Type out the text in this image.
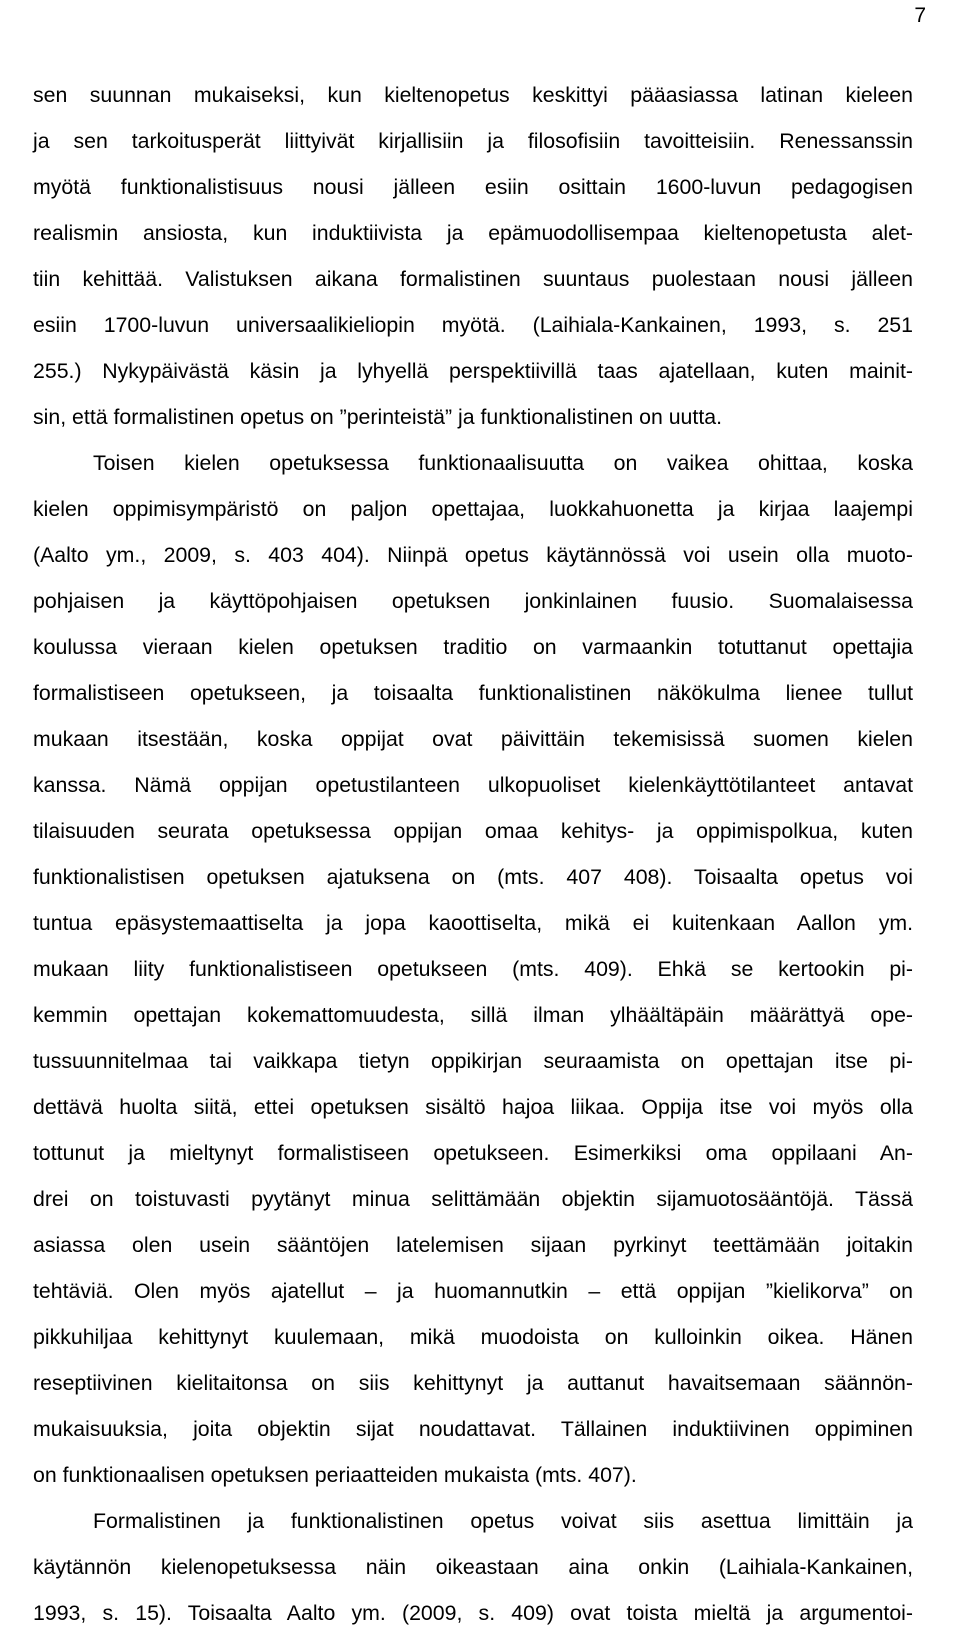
7
sen suunnan mukaiseksi, kun kieltenopetus keskittyi pääasiassa latinan kieleen
ja sen tarkoitusperät liittyivät kirjallisiin ja filosofisiin tavoitteisiin. Renessanssin
myötä funktionalistisuus nousi jälleen esiin osittain 1600-luvun pedagogisen
realismin ansiosta, kun induktiivista ja epämuodollisempaa kieltenopetusta alet-
tiin kehittää. Valistuksen aikana formalistinen suuntaus puolestaan nousi jälleen
esiin 1700-luvun universaalikieliopin myötä. (Laihiala-Kankainen, 1993, s. 251
255.) Nykypäivästä käsin ja lyhyellä perspektiivillä taas ajatellaan, kuten mainit-
sin, että formalistinen opetus on ”perinteistä” ja funktionalistinen on uutta.
Toisen kielen opetuksessa funktionaalisuutta on vaikea ohittaa, koska
kielen oppimisympäristö on paljon opettajaa, luokkahuonetta ja kirjaa laajempi
(Aalto ym., 2009, s. 403 404). Niinpä opetus käytännössä voi usein olla muoto-
pohjaisen ja käyttöpohjaisen opetuksen jonkinlainen fuusio. Suomalaisessa
koulussa vieraan kielen opetuksen traditio on varmaankin totuttanut opettajia
formalistiseen opetukseen, ja toisaalta funktionalistinen näkökulma lienee tullut
mukaan itsestään, koska oppijat ovat päivittäin tekemisissä suomen kielen
kanssa. Nämä oppijan opetustilanteen ulkopuoliset kielenkäyttötilanteet antavat
tilaisuuden seurata opetuksessa oppijan omaa kehitys- ja oppimispolkua, kuten
funktionalistisen opetuksen ajatuksena on (mts. 407 408). Toisaalta opetus voi
tuntua epäsystemaattiselta ja jopa kaoottiselta, mikä ei kuitenkaan Aallon ym.
mukaan liity funktionalistiseen opetukseen (mts. 409). Ehkä se kertookin pi-
kemmin opettajan kokemattomuudesta, sillä ilman ylhäältäpäin määrättyä ope-
tussuunnitelmaa tai vaikkapa tietyn oppikirjan seuraamista on opettajan itse pi-
dettävä huolta siitä, ettei opetuksen sisältö hajoa liikaa. Oppija itse voi myös olla
tottunut ja mieltynyt formalistiseen opetukseen. Esimerkiksi oma oppilaani An-
drei on toistuvasti pyytänyt minua selittämään objektin sijamuotosääntöjä. Tässä
asiassa olen usein sääntöjen latelemisen sijaan pyrkinyt teettämään joitakin
tehtäviä. Olen myös ajatellut – ja huomannutkin – että oppijan ”kielikorva” on
pikkuhiljaa kehittynyt kuulemaan, mikä muodoista on kulloinkin oikea. Hänen
reseptiivinen kielitaitonsa on siis kehittynyt ja auttanut havaitsemaan säännön-
mukaisuuksia, joita objektin sijat noudattavat. Tällainen induktiivinen oppiminen
on funktionaalisen opetuksen periaatteiden mukaista (mts. 407).
Formalistinen ja funktionalistinen opetus voivat siis asettua limittäin ja
käytännön kielenopetuksessa näin oikeastaan aina onkin (Laihiala-Kankainen,
1993, s. 15). Toisaalta Aalto ym. (2009, s. 409) ovat toista mieltä ja argumentoi-
